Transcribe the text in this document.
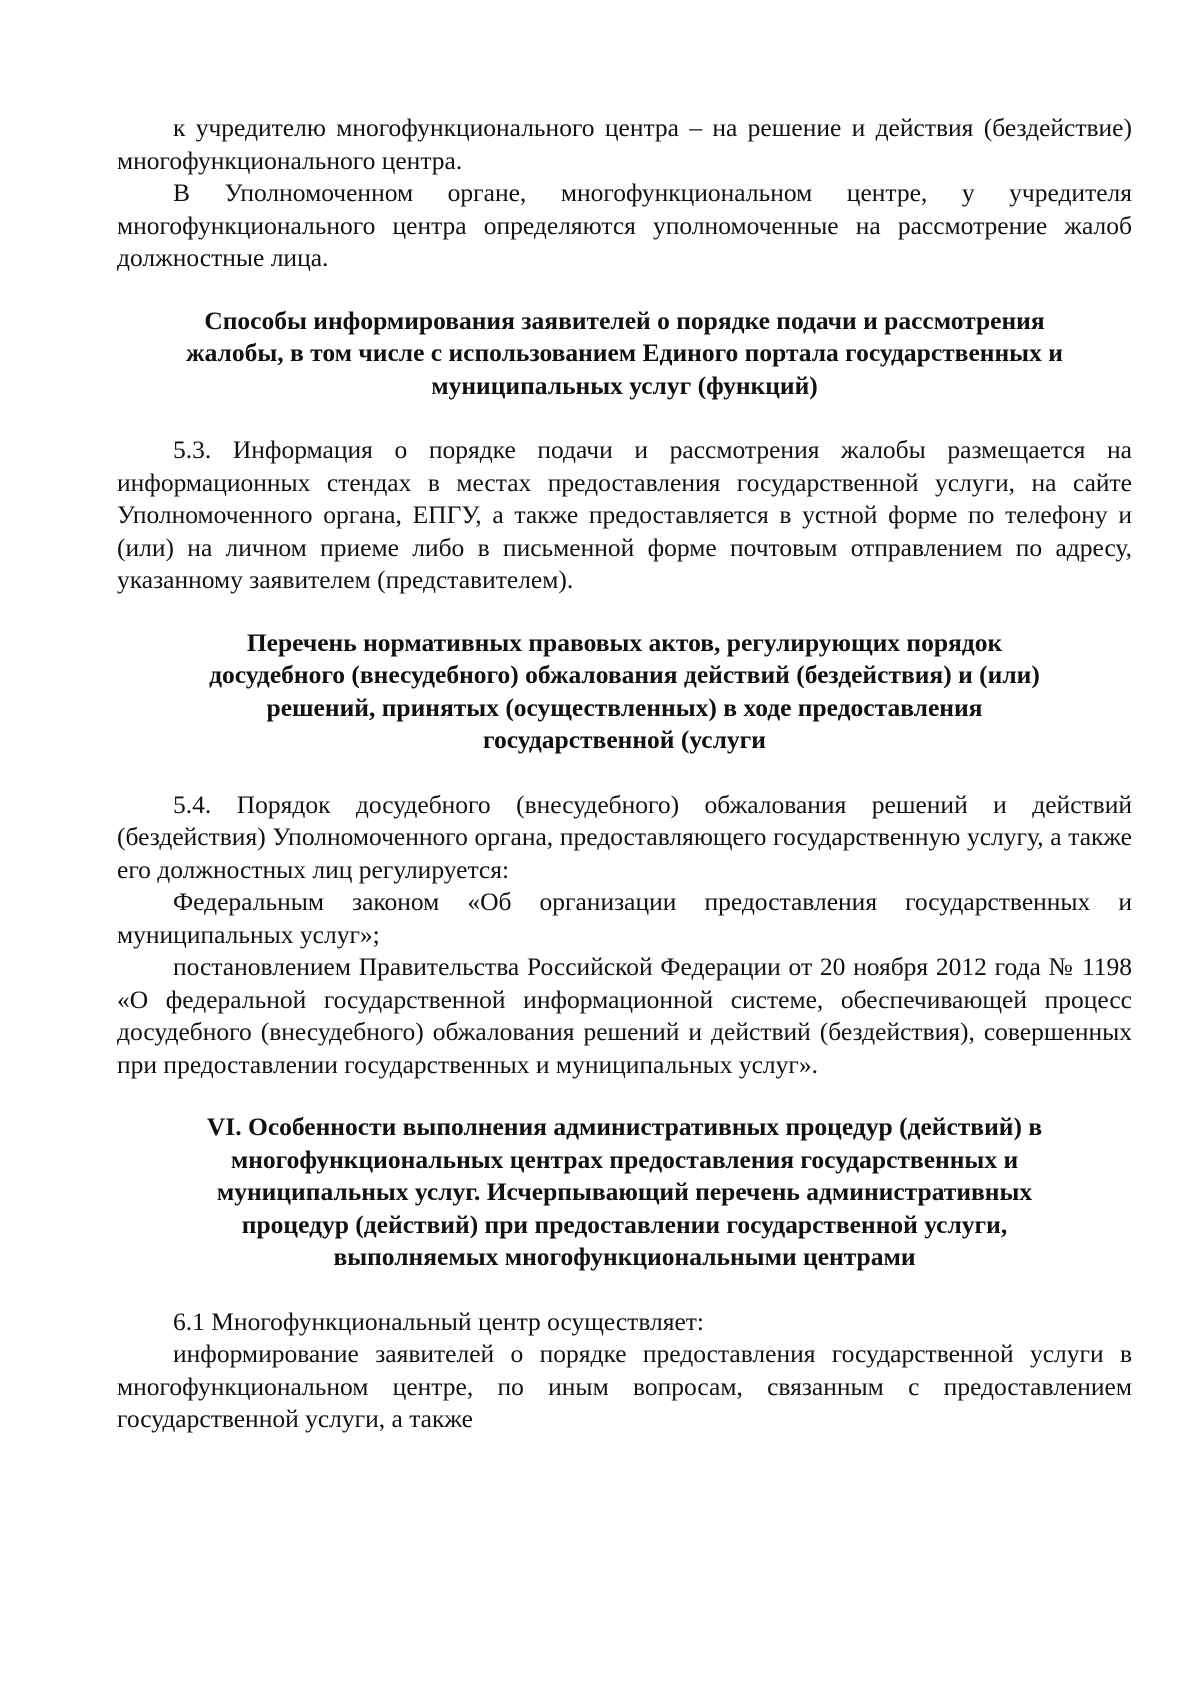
к учредителю многофункционального центра – на решение и действия (бездействие) многофункционального центра.

В Уполномоченном органе, многофункциональном центре, у учредителя многофункционального центра определяются уполномоченные на рассмотрение жалоб должностные лица.

Способы информирования заявителей о порядке подачи и рассмотрения
жалобы, в том числе с использованием Единого портала государственных и
муниципальных услуг (функций)

5.3. Информация о порядке подачи и рассмотрения жалобы размещается на информационных стендах в местах предоставления государственной услуги, на сайте Уполномоченного органа, ЕПГУ, а также предоставляется в устной форме по телефону и (или) на личном приеме либо в письменной форме почтовым отправлением по адресу, указанному заявителем (представителем).

Перечень нормативных правовых актов, регулирующих порядок
досудебного (внесудебного) обжалования действий (бездействия) и (или)
решений, принятых (осуществленных) в ходе предоставления
государственной (услуги

5.4. Порядок досудебного (внесудебного) обжалования решений и действий (бездействия) Уполномоченного органа, предоставляющего государственную услугу, а также его должностных лиц регулируется:

Федеральным законом «Об организации предоставления государственных и муниципальных услуг»;

постановлением Правительства Российской Федерации от 20 ноября 2012 года № 1198 «О федеральной государственной информационной системе, обеспечивающей процесс досудебного (внесудебного) обжалования решений и действий (бездействия), совершенных при предоставлении государственных и муниципальных услуг».

VI. Особенности выполнения административных процедур (действий) в
многофункциональных центрах предоставления государственных и
муниципальных услуг. Исчерпывающий перечень административных
процедур (действий) при предоставлении государственной услуги,
выполняемых многофункциональными центрами

6.1 Многофункциональный центр осуществляет:

информирование заявителей о порядке предоставления государственной услуги в многофункциональном центре, по иным вопросам, связанным с предоставлением государственной услуги, а также
